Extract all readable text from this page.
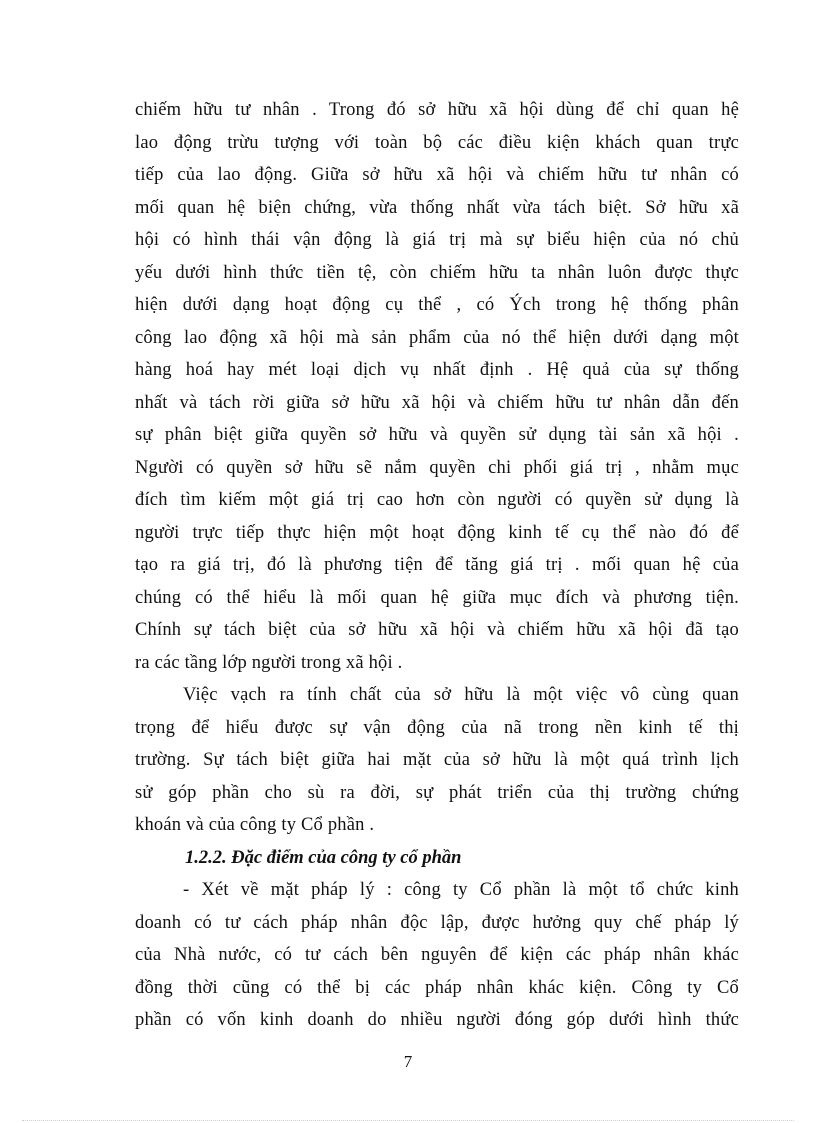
chiếm hữu tư nhân . Trong đó sở hữu xã hội dùng để chỉ quan hệ
lao động trừu tượng với toàn bộ các điều kiện khách quan trực
tiếp của lao động. Giữa sở hữu xã hội và chiếm hữu tư nhân có
mối quan hệ biện chứng, vừa thống nhất vừa tách biệt. Sở hữu xã
hội có hình thái vận động là giá trị mà sự biểu hiện của nó chủ
yếu dưới hình thức tiền tệ, còn chiếm hữu ta nhân luôn được thực
hiện dưới dạng hoạt động cụ thể , có Ých trong hệ thống phân
công lao động xã hội mà sản phẩm của nó thể hiện dưới dạng một
hàng hoá hay mét loại dịch vụ nhất định . Hệ quả của sự thống
nhất và tách rời giữa sở hữu xã hội và chiếm hữu tư nhân dẫn đến
sự phân biệt giữa quyền sở hữu và quyền sử dụng tài sản xã hội .
Người có quyền sở hữu sẽ nắm quyền chi phối giá trị , nhằm mục
đích tìm kiếm một giá trị cao hơn còn người có quyền sử dụng là
người trực tiếp thực hiện một hoạt động kinh tế cụ thể nào đó để
tạo ra giá trị, đó là phương tiện để tăng giá trị . mối quan hệ của
chúng có thể hiểu là mối quan hệ giữa mục đích và phương tiện.
Chính sự tách biệt của sở hữu xã hội và chiếm hữu xã hội đã tạo
ra các tầng lớp người trong xã hội .
Việc vạch ra tính chất của sở hữu là một việc vô cùng quan
trọng để hiểu được sự vận động của nã trong nền kinh tế thị
trường. Sự tách biệt giữa hai mặt của sở hữu là một quá trình lịch
sử góp phần cho sù ra đời, sự phát triển của thị trường chứng
khoán và của công ty Cổ phần .
1.2.2. Đặc điểm của công ty cổ phần
- Xét về mặt pháp lý : công ty Cổ phần là một tổ chức kinh
doanh có tư cách pháp nhân độc lập, được hưởng quy chế pháp lý
của Nhà nước, có tư cách bên nguyên để kiện các pháp nhân khác
đồng thời cũng có thể bị các pháp nhân khác kiện. Công ty Cổ
phần có vốn kinh doanh do nhiều người đóng góp dưới hình thức
7
